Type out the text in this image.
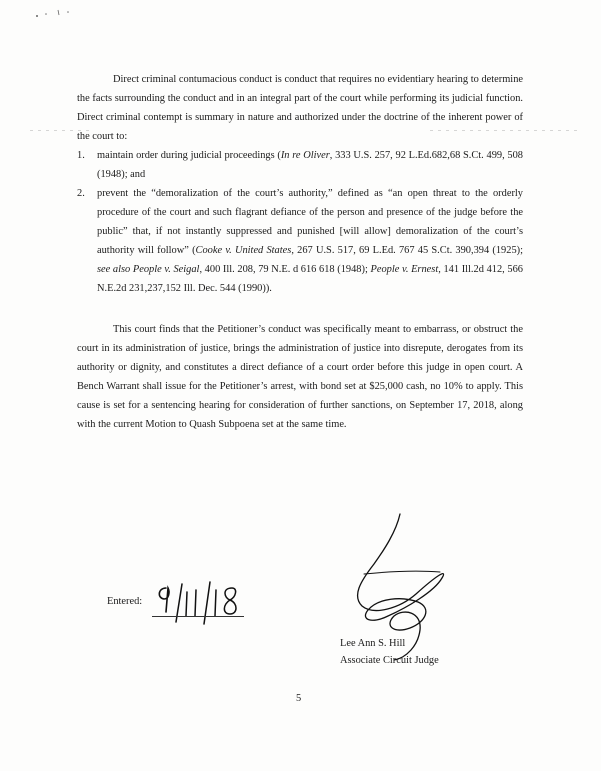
Direct criminal contumacious conduct is conduct that requires no evidentiary hearing to determine the facts surrounding the conduct and in an integral part of the court while performing its judicial function. Direct criminal contempt is summary in nature and authorized under the doctrine of the inherent power of the court to:

1. maintain order during judicial proceedings (In re Oliver, 333 U.S. 257, 92 L.Ed.682,68 S.Ct. 499, 508 (1948); and
2. prevent the “demoralization of the court’s authority,” defined as “an open threat to the orderly procedure of the court and such flagrant defiance of the person and presence of the judge before the public” that, if not instantly suppressed and punished [will allow] demoralization of the court’s authority will follow” (Cooke v. United States, 267 U.S. 517, 69 L.Ed. 767 45 S.Ct. 390,394 (1925); see also People v. Seigal, 400 Ill. 208, 79 N.E. d 616 618 (1948); People v. Ernest, 141 Ill.2d 412, 566 N.E.2d 231,237,152 Ill. Dec. 544 (1990)).

This court finds that the Petitioner’s conduct was specifically meant to embarrass, or obstruct the court in its administration of justice, brings the administration of justice into disrepute, derogates from its authority or dignity, and constitutes a direct defiance of a court order before this judge in open court. A Bench Warrant shall issue for the Petitioner’s arrest, with bond set at $25,000 cash, no 10% to apply. This cause is set for a sentencing hearing for consideration of further sanctions, on September 17, 2018, along with the current Motion to Quash Subpoena set at the same time.

Entered:
Lee Ann S. Hill
Associate Circuit Judge
5
